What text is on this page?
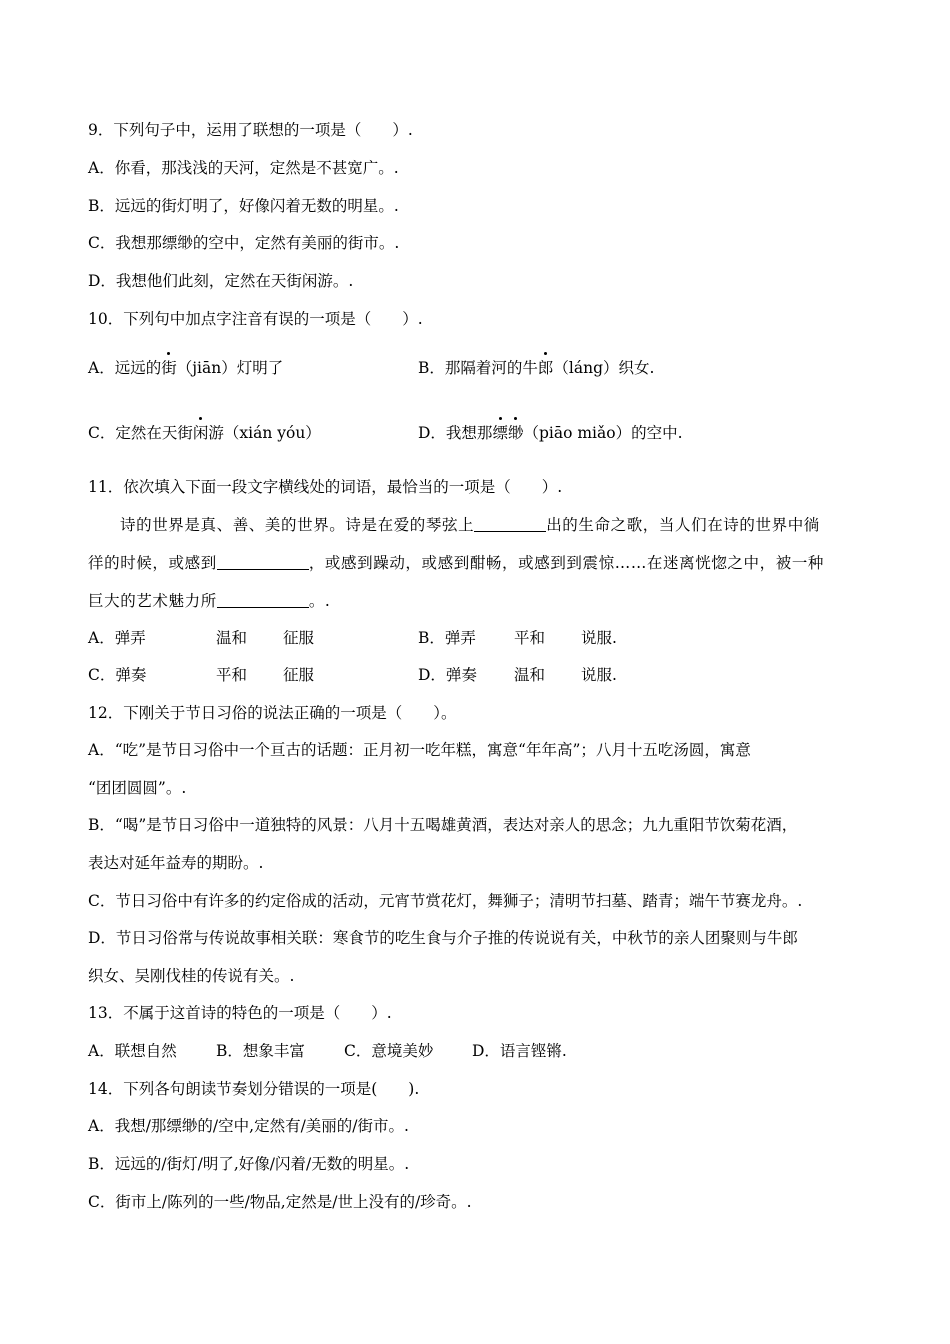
9．下列句子中，运用了联想的一项是（　　）.
A．你看，那浅浅的天河，定然是不甚宽广。.
B．远远的街灯明了，好像闪着无数的明星。.
C．我想那缥缈的空中，定然有美丽的街市。.
D．我想他们此刻，定然在天街闲游。.
10．下列句中加点字注音有误的一项是（　　）.
A．远远的街（jiān）灯明了	B．那隔着河的牛郎（láng）织女.
C．定然在天街闲游（xián yóu）	D．我想那缥缈（piāo miǎo）的空中.
11．依次填入下面一段文字横线处的词语，最恰当的一项是（　　）.
诗的世界是真、善、美的世界。诗是在爱的琴弦上	出的生命之歌，当人们在诗的世界中徜
徉的时候，或感到	，或感到躁动，或感到酣畅，或感到到震惊……在迷离恍惚之中，被一种
巨大的艺术魅力所	。.
A．弹弄	温和 征服	B．弹弄 平和 说服.
C．弹奏	平和 征服	D．弹奏 温和 说服.
12．下刚关于节日习俗的说法正确的一项是（　　）。
A．“吃”是节日习俗中一个亘古的话题：正月初一吃年糕，寓意“年年高”；八月十五吃汤圆，寓意
“团团圆圆”。.
B．“喝”是节日习俗中一道独特的风景：八月十五喝雄黄酒，表达对亲人的思念；九九重阳节饮菊花酒，
表达对延年益寿的期盼。.
C．节日习俗中有许多的约定俗成的活动，元宵节赏花灯，舞狮子；清明节扫墓、踏青；端午节赛龙舟。.
D．节日习俗常与传说故事相关联：寒食节的吃生食与介子推的传说说有关，中秋节的亲人团聚则与牛郎
织女、吴刚伐桂的传说有关。.
13．不属于这首诗的特色的一项是（　　）.
A．联想自然	B．想象丰富	C．意境美妙 D．语言铿锵.
14．下列各句朗读节奏划分错误的一项是(　　).
A．我想/那缥缈的/空中,定然有/美丽的/街市。.
B．远远的/街灯/明了,好像/闪着/无数的明星。.
C．街市上/陈列的一些/物品,定然是/世上没有的/珍奇。.
